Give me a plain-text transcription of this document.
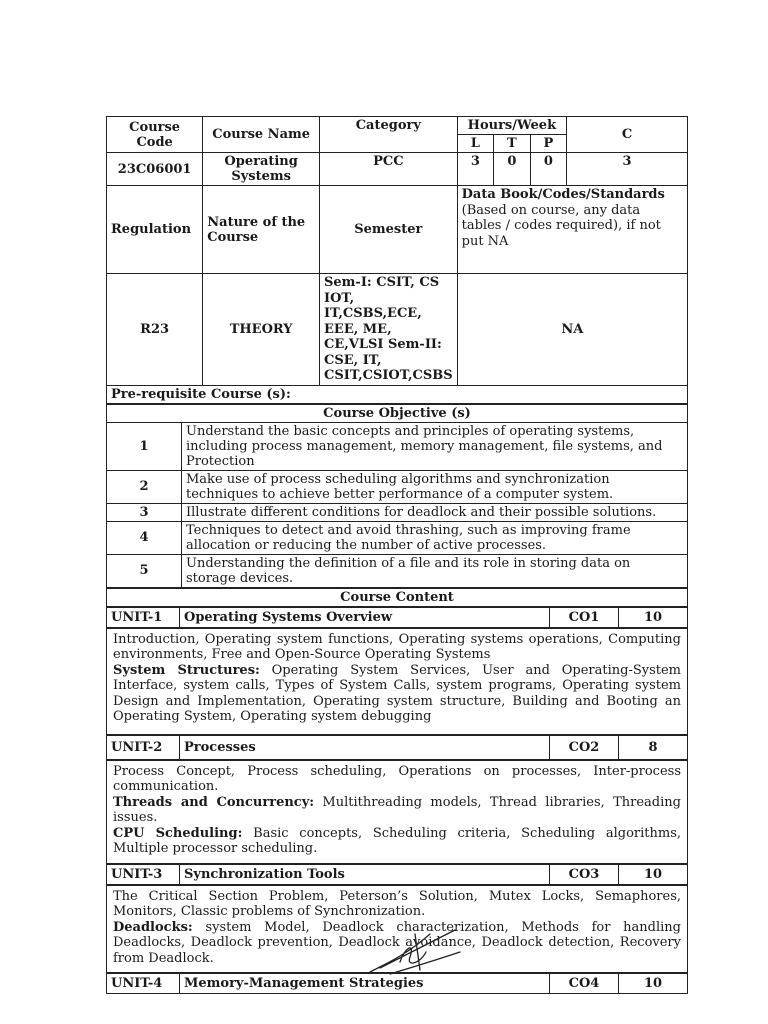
Course Code	Course Name	Category	Hours/Week			C
			L	T	P	
23C06001	Operating Systems	PCC	3	0	0	3
Regulation	Nature of the Course	Semester	Data Book/Codes/Standards
(Based on course, any data tables / codes required), if not put NA			

R23	THEORY	Sem-I: CSIT, CS IOT, IT,CSBS,ECE, EEE, ME, CE,VLSI Sem-II: CSE, IT, CSIT,CSIOT,CSBS	NA			
Pre-requisite Course (s):						
Course Objective (s)	
1	Understand the basic concepts and principles of operating systems, including process management, memory management, file systems, and Protection
2	Make use of process scheduling algorithms and synchronization techniques to achieve better performance of a computer system.
3	Illustrate different conditions for deadlock and their possible solutions.
4	Techniques to detect and avoid thrashing, such as improving frame allocation or reducing the number of active processes.
5	Understanding the definition of a file and its role in storing data on storage devices.
Course Content
UNIT-1	Operating Systems Overview	CO1	10
Introduction, Operating system functions, Operating systems operations, Computing environments, Free and Open-Source Operating Systems
System Structures: Operating System Services, User and Operating-System Interface, system calls, Types of System Calls, system programs, Operating system Design and Implementation, Operating system structure, Building and Booting an Operating System, Operating system debugging
UNIT-2	Processes	CO2	8
Process Concept, Process scheduling, Operations on processes, Inter-process communication.
Threads and Concurrency: Multithreading models, Thread libraries, Threading issues.
CPU Scheduling: Basic concepts, Scheduling criteria, Scheduling algorithms, Multiple processor scheduling.
UNIT-3	Synchronization Tools	CO3	10
The Critical Section Problem, Peterson’s Solution, Mutex Locks, Semaphores, Monitors, Classic problems of Synchronization.
Deadlocks: system Model, Deadlock characterization, Methods for handling Deadlocks, Deadlock prevention, Deadlock avoidance, Deadlock detection, Recovery from Deadlock.
UNIT-4	Memory-Management Strategies	CO4	10
